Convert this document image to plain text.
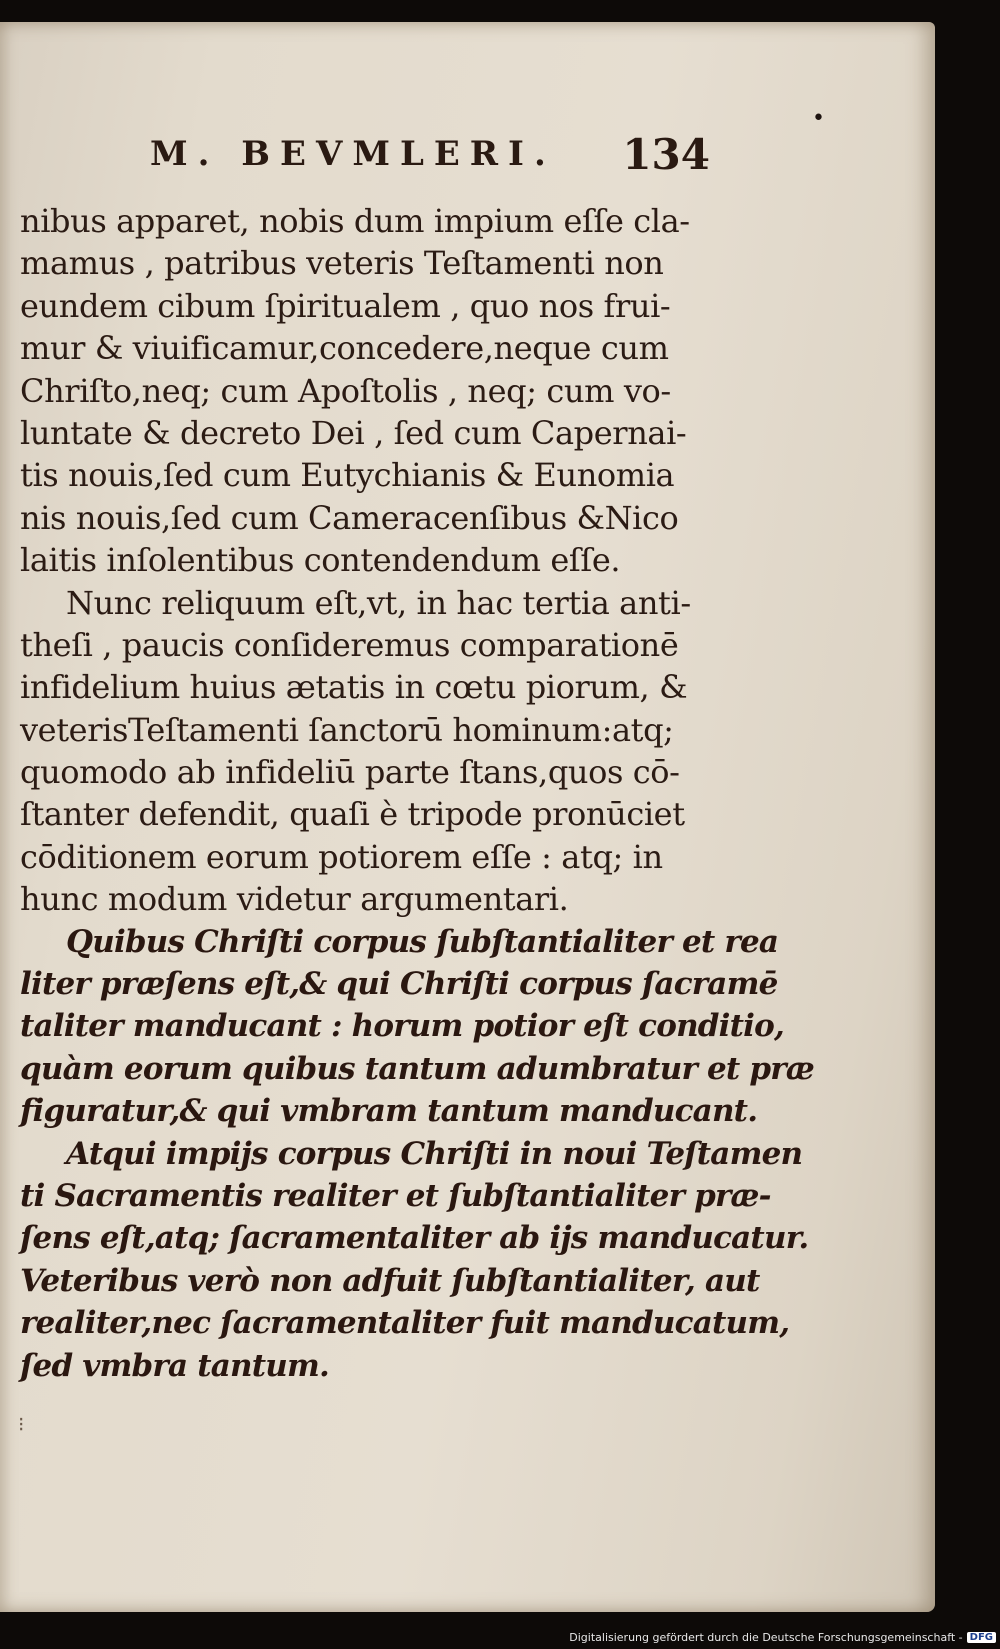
M. BEVMLERI. 134
•
nibus apparet, nobis dum impium eſſe cla-
mamus , patribus veteris Teſtamenti non
eundem cibum ſpiritualem , quo nos frui-
mur & viuificamur,concedere,neque cum
Chriſto,neq; cum Apoſtolis , neq; cum vo-
luntate & decreto Dei , ſed cum Capernai-
tis nouis,ſed cum Eutychianis & Eunomia
nis nouis,ſed cum Cameracenſibus &Nico
laitis inſolentibus contendendum eſſe.
Nunc reliquum eſt,vt, in hac tertia anti-
theſi , paucis conſideremus comparationē
infidelium huius ætatis in cœtu piorum, &
veterisTeſtamenti ſanctorū hominum:atq;
quomodo ab infideliū parte ſtans,quos cō-
ſtanter defendit, quaſi è tripode pronūciet
cōditionem eorum potiorem eſſe : atq; in
hunc modum videtur argumentari.
Quibus Chriſti corpus ſubſtantialiter et rea
liter præſens eſt,& qui Chriſti corpus ſacramē
taliter manducant : horum potior eſt conditio,
quàm eorum quibus tantum adumbratur et præ
figuratur,& qui vmbram tantum manducant.
Atqui impijs corpus Chriſti in noui Teſtamen
ti Sacramentis realiter et ſubſtantialiter præ-
ſens eſt,atq; ſacramentaliter ab ijs manducatur.
Veteribus verò non adfuit ſubſtantialiter, aut
realiter,nec ſacramentaliter fuit manducatum,
ſed vmbra tantum.
⁝
Digitalisierung gefördert durch die Deutsche Forschungsgemeinschaft - DFG
